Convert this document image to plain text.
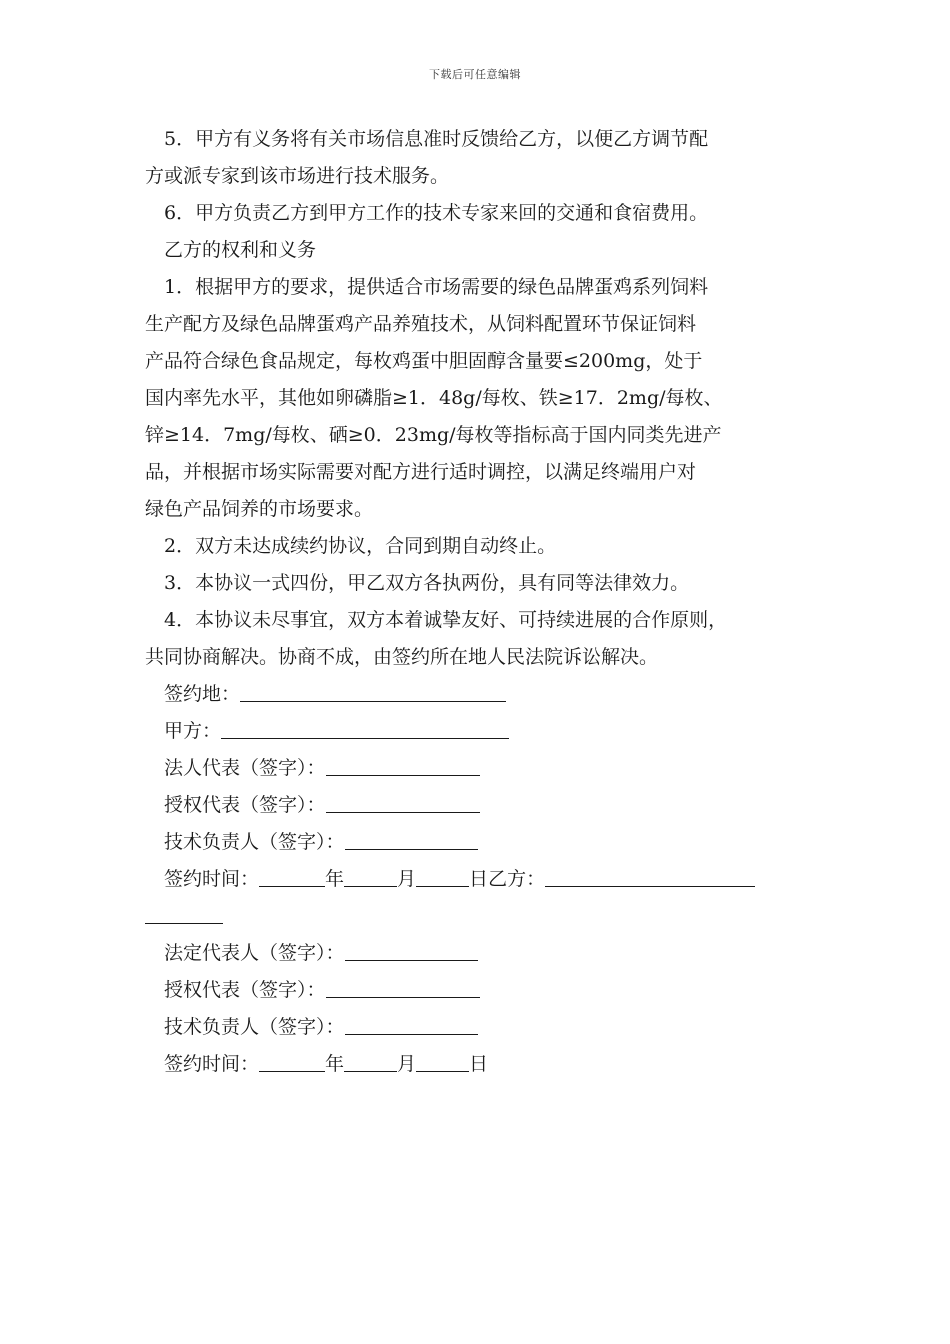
下载后可任意编辑

5．甲方有义务将有关市场信息准时反馈给乙方，以便乙方调节配

方或派专家到该市场进行技术服务。

6．甲方负责乙方到甲方工作的技术专家来回的交通和食宿费用。

乙方的权利和义务

1．根据甲方的要求，提供适合市场需要的绿色品牌蛋鸡系列饲料

生产配方及绿色品牌蛋鸡产品养殖技术，从饲料配置环节保证饲料

产品符合绿色食品规定，每枚鸡蛋中胆固醇含量要≤200mg，处于

国内率先水平，其他如卵磷脂≥1．48g/每枚、铁≥17．2mg/每枚、

锌≥14．7mg/每枚、硒≥0．23mg/每枚等指标高于国内同类先进产

品，并根据市场实际需要对配方进行适时调控，以满足终端用户对

绿色产品饲养的市场要求。

2．双方未达成续约协议，合同到期自动终止。

3．本协议一式四份，甲乙双方各执两份，具有同等法律效力。

4．本协议未尽事宜，双方本着诚挚友好、可持续进展的合作原则，

共同协商解决。协商不成，由签约所在地人民法院诉讼解决。

签约地：

甲方：

法人代表（签字）：

授权代表（签字）：

技术负责人（签字）：

签约时间：	年	月	日乙方：

法定代表人（签字）：

授权代表（签字）：

技术负责人（签字）：

签约时间：	年	月	日
